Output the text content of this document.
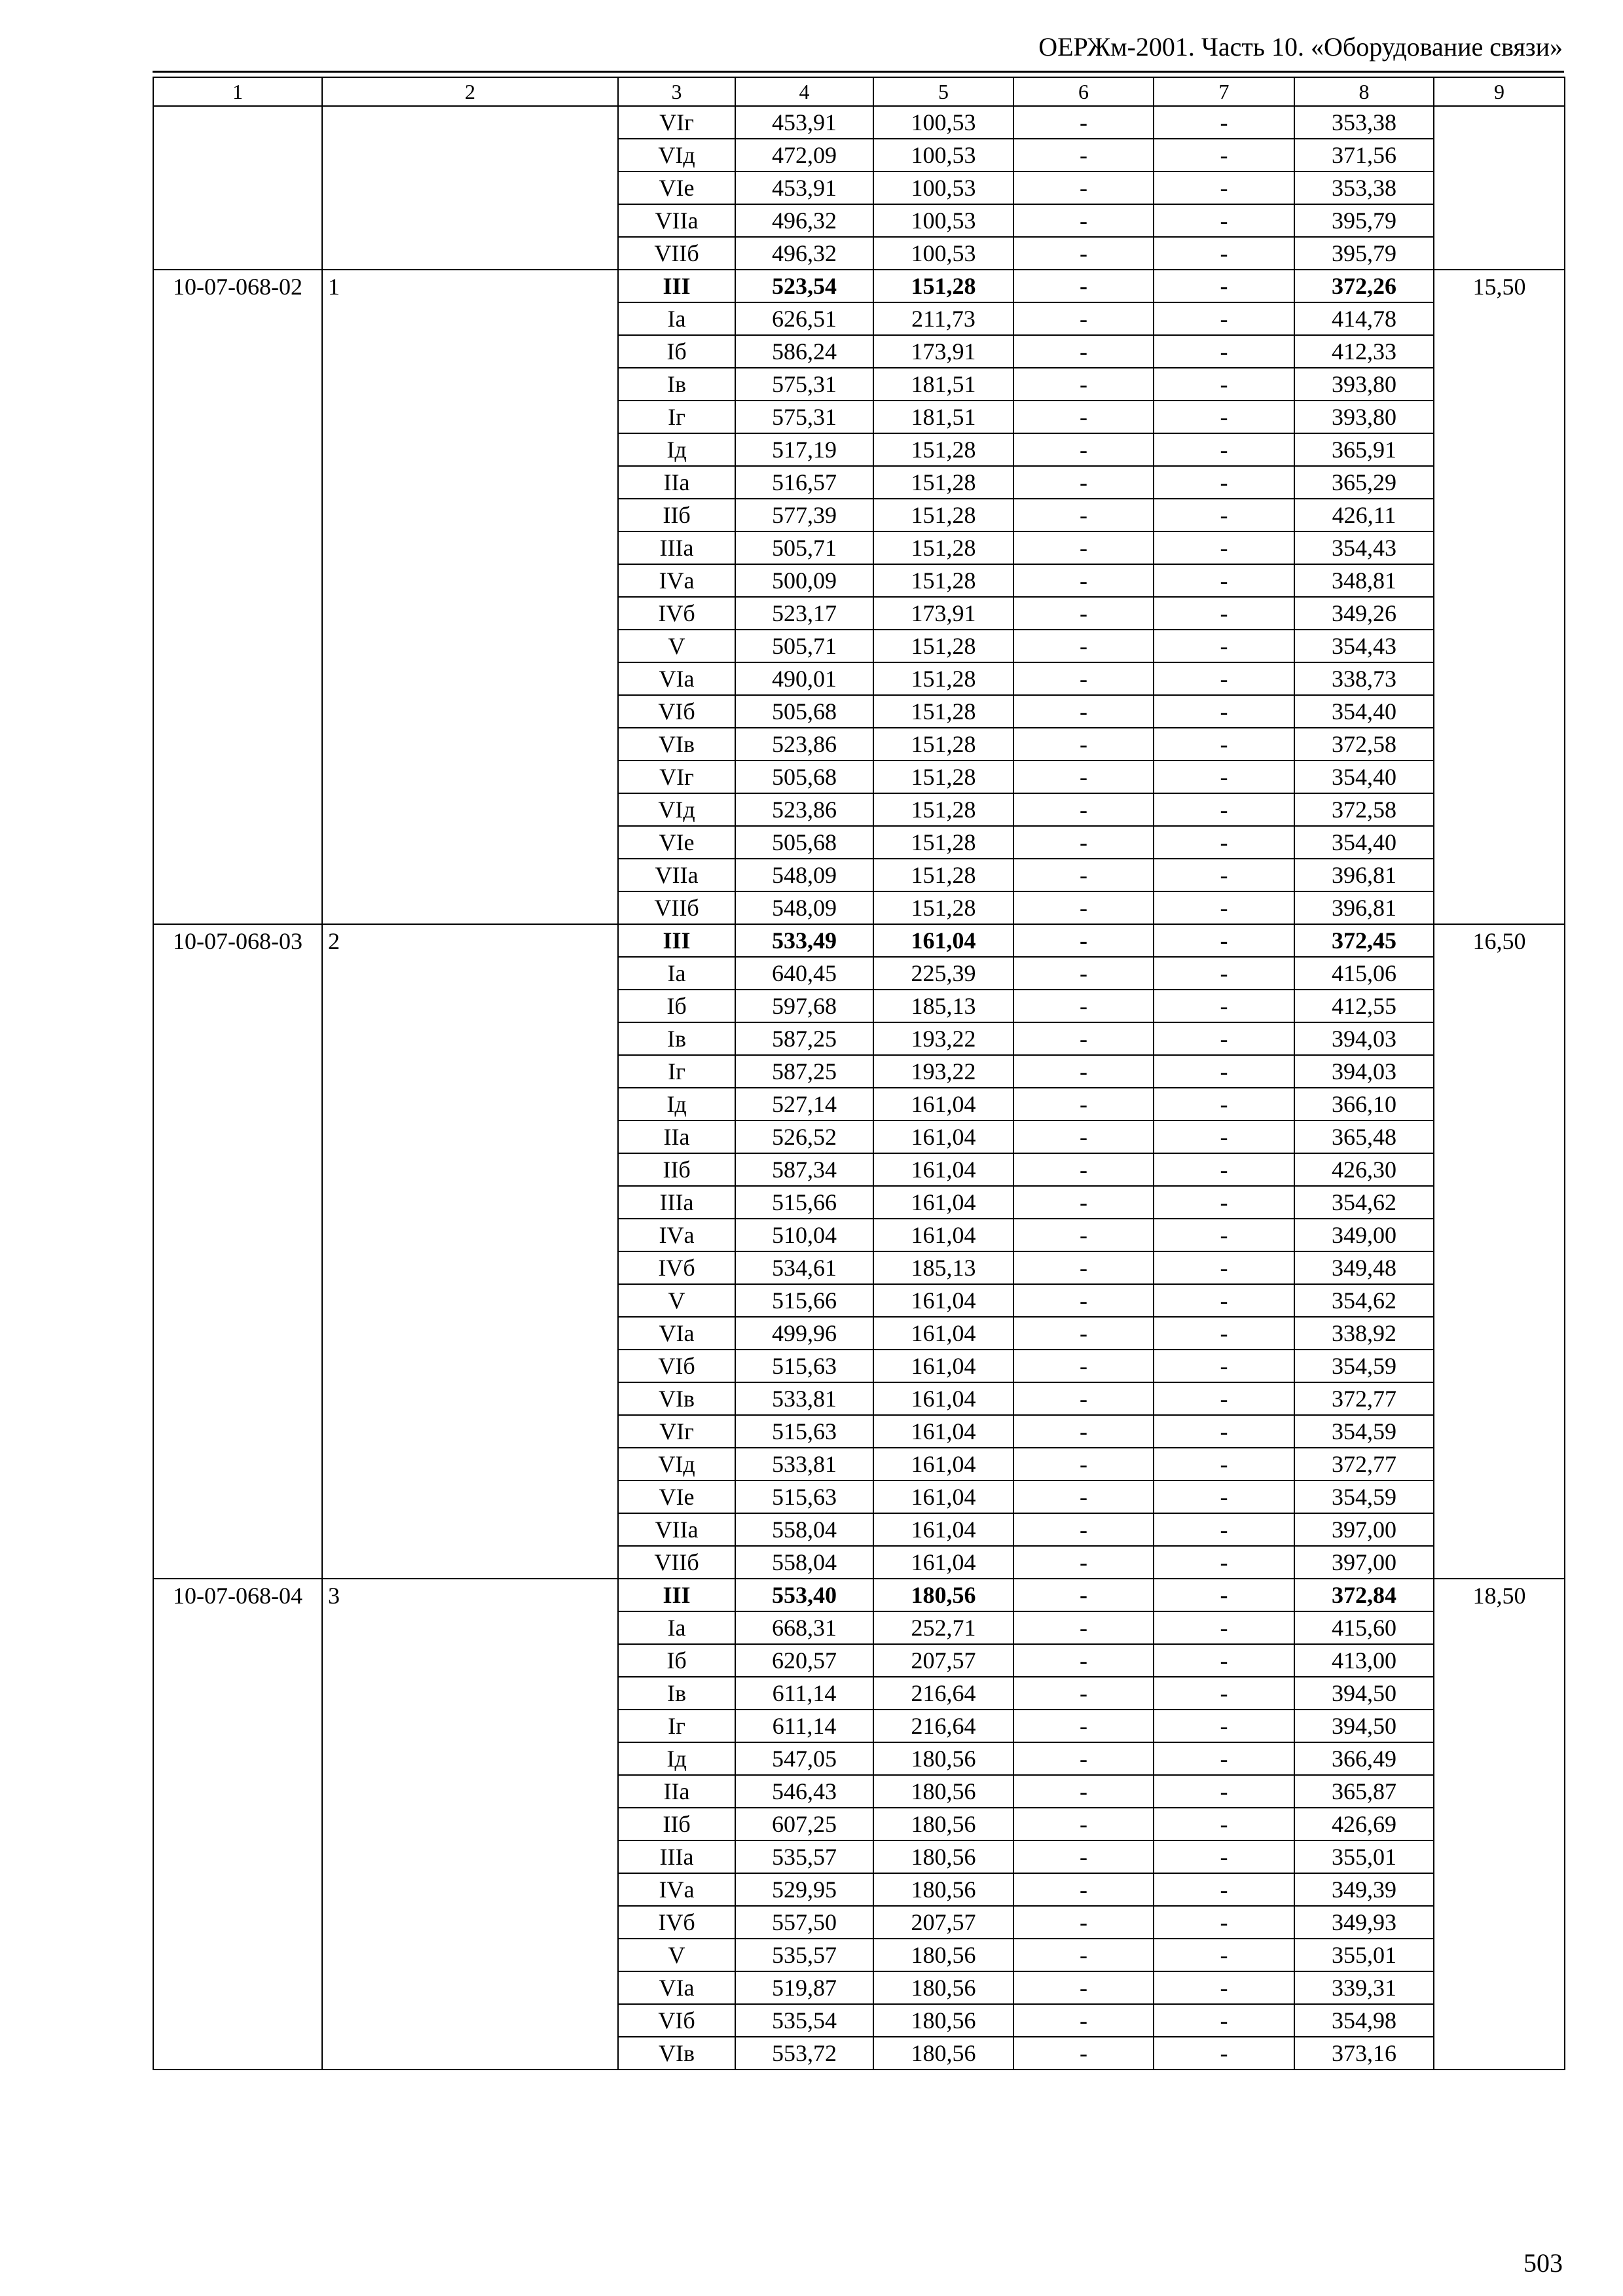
ОЕРЖм-2001. Часть 10. «Оборудование связи»
1	2	3	4	5	6	7	8	9
		VIг	453,91	100,53	-	-	353,38	
		VIд	472,09	100,53	-	-	371,56	
		VIе	453,91	100,53	-	-	353,38	
		VIIа	496,32	100,53	-	-	395,79	
		VIIб	496,32	100,53	-	-	395,79	
10-07-068-02	1	III	523,54	151,28	-	-	372,26	15,50
		Iа	626,51	211,73	-	-	414,78	
		Iб	586,24	173,91	-	-	412,33	
		Iв	575,31	181,51	-	-	393,80	
		Iг	575,31	181,51	-	-	393,80	
		Iд	517,19	151,28	-	-	365,91	
		IIа	516,57	151,28	-	-	365,29	
		IIб	577,39	151,28	-	-	426,11	
		IIIа	505,71	151,28	-	-	354,43	
		IVа	500,09	151,28	-	-	348,81	
		IVб	523,17	173,91	-	-	349,26	
		V	505,71	151,28	-	-	354,43	
		VIа	490,01	151,28	-	-	338,73	
		VIб	505,68	151,28	-	-	354,40	
		VIв	523,86	151,28	-	-	372,58	
		VIг	505,68	151,28	-	-	354,40	
		VIд	523,86	151,28	-	-	372,58	
		VIе	505,68	151,28	-	-	354,40	
		VIIа	548,09	151,28	-	-	396,81	
		VIIб	548,09	151,28	-	-	396,81	
10-07-068-03	2	III	533,49	161,04	-	-	372,45	16,50
		Iа	640,45	225,39	-	-	415,06	
		Iб	597,68	185,13	-	-	412,55	
		Iв	587,25	193,22	-	-	394,03	
		Iг	587,25	193,22	-	-	394,03	
		Iд	527,14	161,04	-	-	366,10	
		IIа	526,52	161,04	-	-	365,48	
		IIб	587,34	161,04	-	-	426,30	
		IIIа	515,66	161,04	-	-	354,62	
		IVа	510,04	161,04	-	-	349,00	
		IVб	534,61	185,13	-	-	349,48	
		V	515,66	161,04	-	-	354,62	
		VIа	499,96	161,04	-	-	338,92	
		VIб	515,63	161,04	-	-	354,59	
		VIв	533,81	161,04	-	-	372,77	
		VIг	515,63	161,04	-	-	354,59	
		VIд	533,81	161,04	-	-	372,77	
		VIе	515,63	161,04	-	-	354,59	
		VIIа	558,04	161,04	-	-	397,00	
		VIIб	558,04	161,04	-	-	397,00	
10-07-068-04	3	III	553,40	180,56	-	-	372,84	18,50
		Iа	668,31	252,71	-	-	415,60	
		Iб	620,57	207,57	-	-	413,00	
		Iв	611,14	216,64	-	-	394,50	
		Iг	611,14	216,64	-	-	394,50	
		Iд	547,05	180,56	-	-	366,49	
		IIа	546,43	180,56	-	-	365,87	
		IIб	607,25	180,56	-	-	426,69	
		IIIа	535,57	180,56	-	-	355,01	
		IVа	529,95	180,56	-	-	349,39	
		IVб	557,50	207,57	-	-	349,93	
		V	535,57	180,56	-	-	355,01	
		VIа	519,87	180,56	-	-	339,31	
		VIб	535,54	180,56	-	-	354,98	
		VIв	553,72	180,56	-	-	373,16	
503
